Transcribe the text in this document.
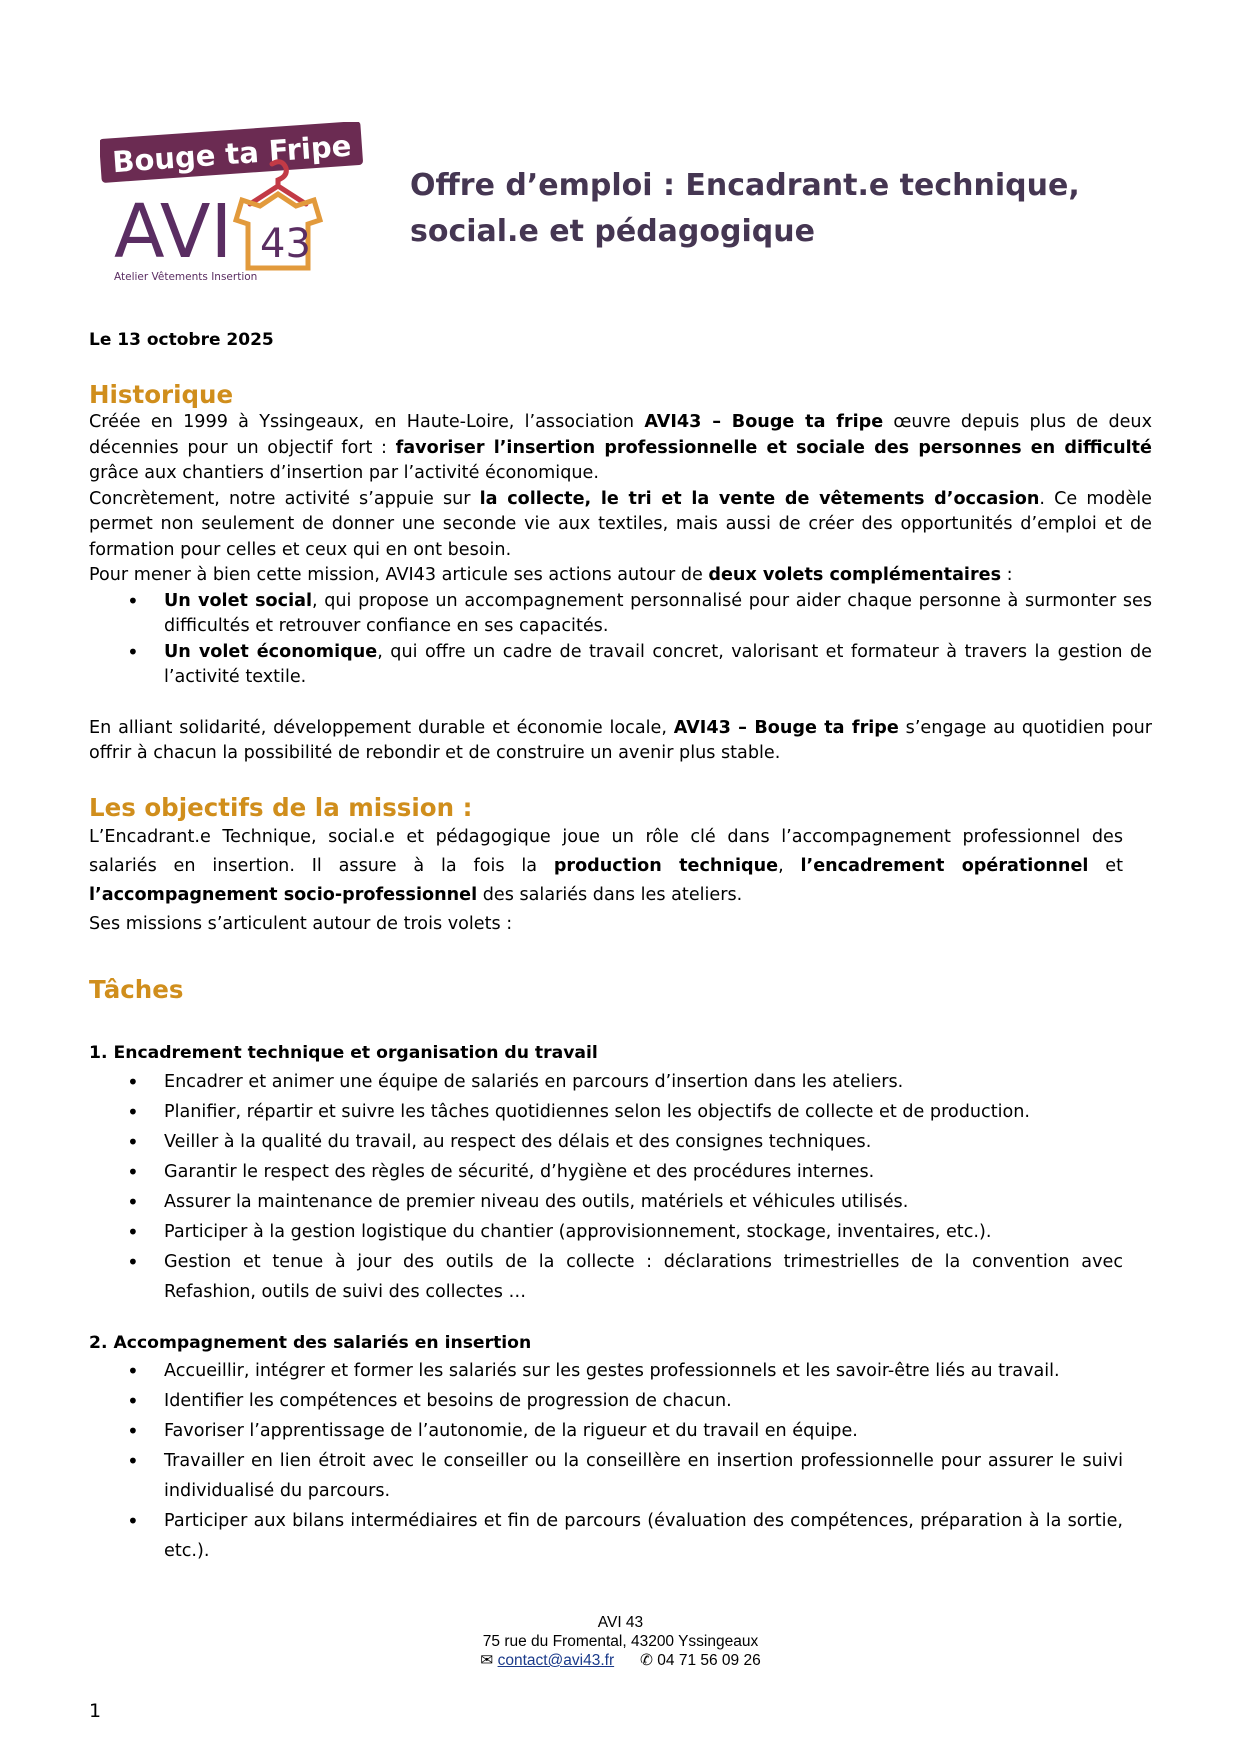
Bouge ta Fripe !
AVI 43
Atelier Vêtements Insertion
Offre d’emploi : Encadrant.e technique, social.e et pédagogique
Le 13 octobre 2025
Historique

Créée en 1999 à Yssingeaux, en Haute-Loire, l’association AVI43 – Bouge ta fripe œuvre depuis plus de deux décennies pour un objectif fort : favoriser l’insertion professionnelle et sociale des personnes en difficulté grâce aux chantiers d’insertion par l’activité économique.

Concrètement, notre activité s’appuie sur la collecte, le tri et la vente de vêtements d’occasion. Ce modèle permet non seulement de donner une seconde vie aux textiles, mais aussi de créer des opportunités d’emploi et de formation pour celles et ceux qui en ont besoin.

Pour mener à bien cette mission, AVI43 articule ses actions autour de deux volets complémentaires :

• Un volet social, qui propose un accompagnement personnalisé pour aider chaque personne à surmonter ses difficultés et retrouver confiance en ses capacités.
• Un volet économique, qui offre un cadre de travail concret, valorisant et formateur à travers la gestion de l’activité textile.

En alliant solidarité, développement durable et économie locale, AVI43 – Bouge ta fripe s’engage au quotidien pour offrir à chacun la possibilité de rebondir et de construire un avenir plus stable.

Les objectifs de la mission :

L’Encadrant.e Technique, social.e et pédagogique joue un rôle clé dans l’accompagnement professionnel des salariés en insertion. Il assure à la fois la production technique, l’encadrement opérationnel et l’accompagnement socio-professionnel des salariés dans les ateliers.

Ses missions s’articulent autour de trois volets :

Tâches

1. Encadrement technique et organisation du travail

• Encadrer et animer une équipe de salariés en parcours d’insertion dans les ateliers.
• Planifier, répartir et suivre les tâches quotidiennes selon les objectifs de collecte et de production.
• Veiller à la qualité du travail, au respect des délais et des consignes techniques.
• Garantir le respect des règles de sécurité, d’hygiène et des procédures internes.
• Assurer la maintenance de premier niveau des outils, matériels et véhicules utilisés.
• Participer à la gestion logistique du chantier (approvisionnement, stockage, inventaires, etc.).
• Gestion et tenue à jour des outils de la collecte : déclarations trimestrielles de la convention avec Refashion, outils de suivi des collectes …

2. Accompagnement des salariés en insertion

• Accueillir, intégrer et former les salariés sur les gestes professionnels et les savoir-être liés au travail.
• Identifier les compétences et besoins de progression de chacun.
• Favoriser l’apprentissage de l’autonomie, de la rigueur et du travail en équipe.
• Travailler en lien étroit avec le conseiller ou la conseillère en insertion professionnelle pour assurer le suivi individualisé du parcours.
• Participer aux bilans intermédiaires et fin de parcours (évaluation des compétences, préparation à la sortie, etc.).
AVI 43
75 rue du Fromental, 43200 Yssingeaux
✉ contact@avi43.fr ✆ 04 71 56 09 26
1
